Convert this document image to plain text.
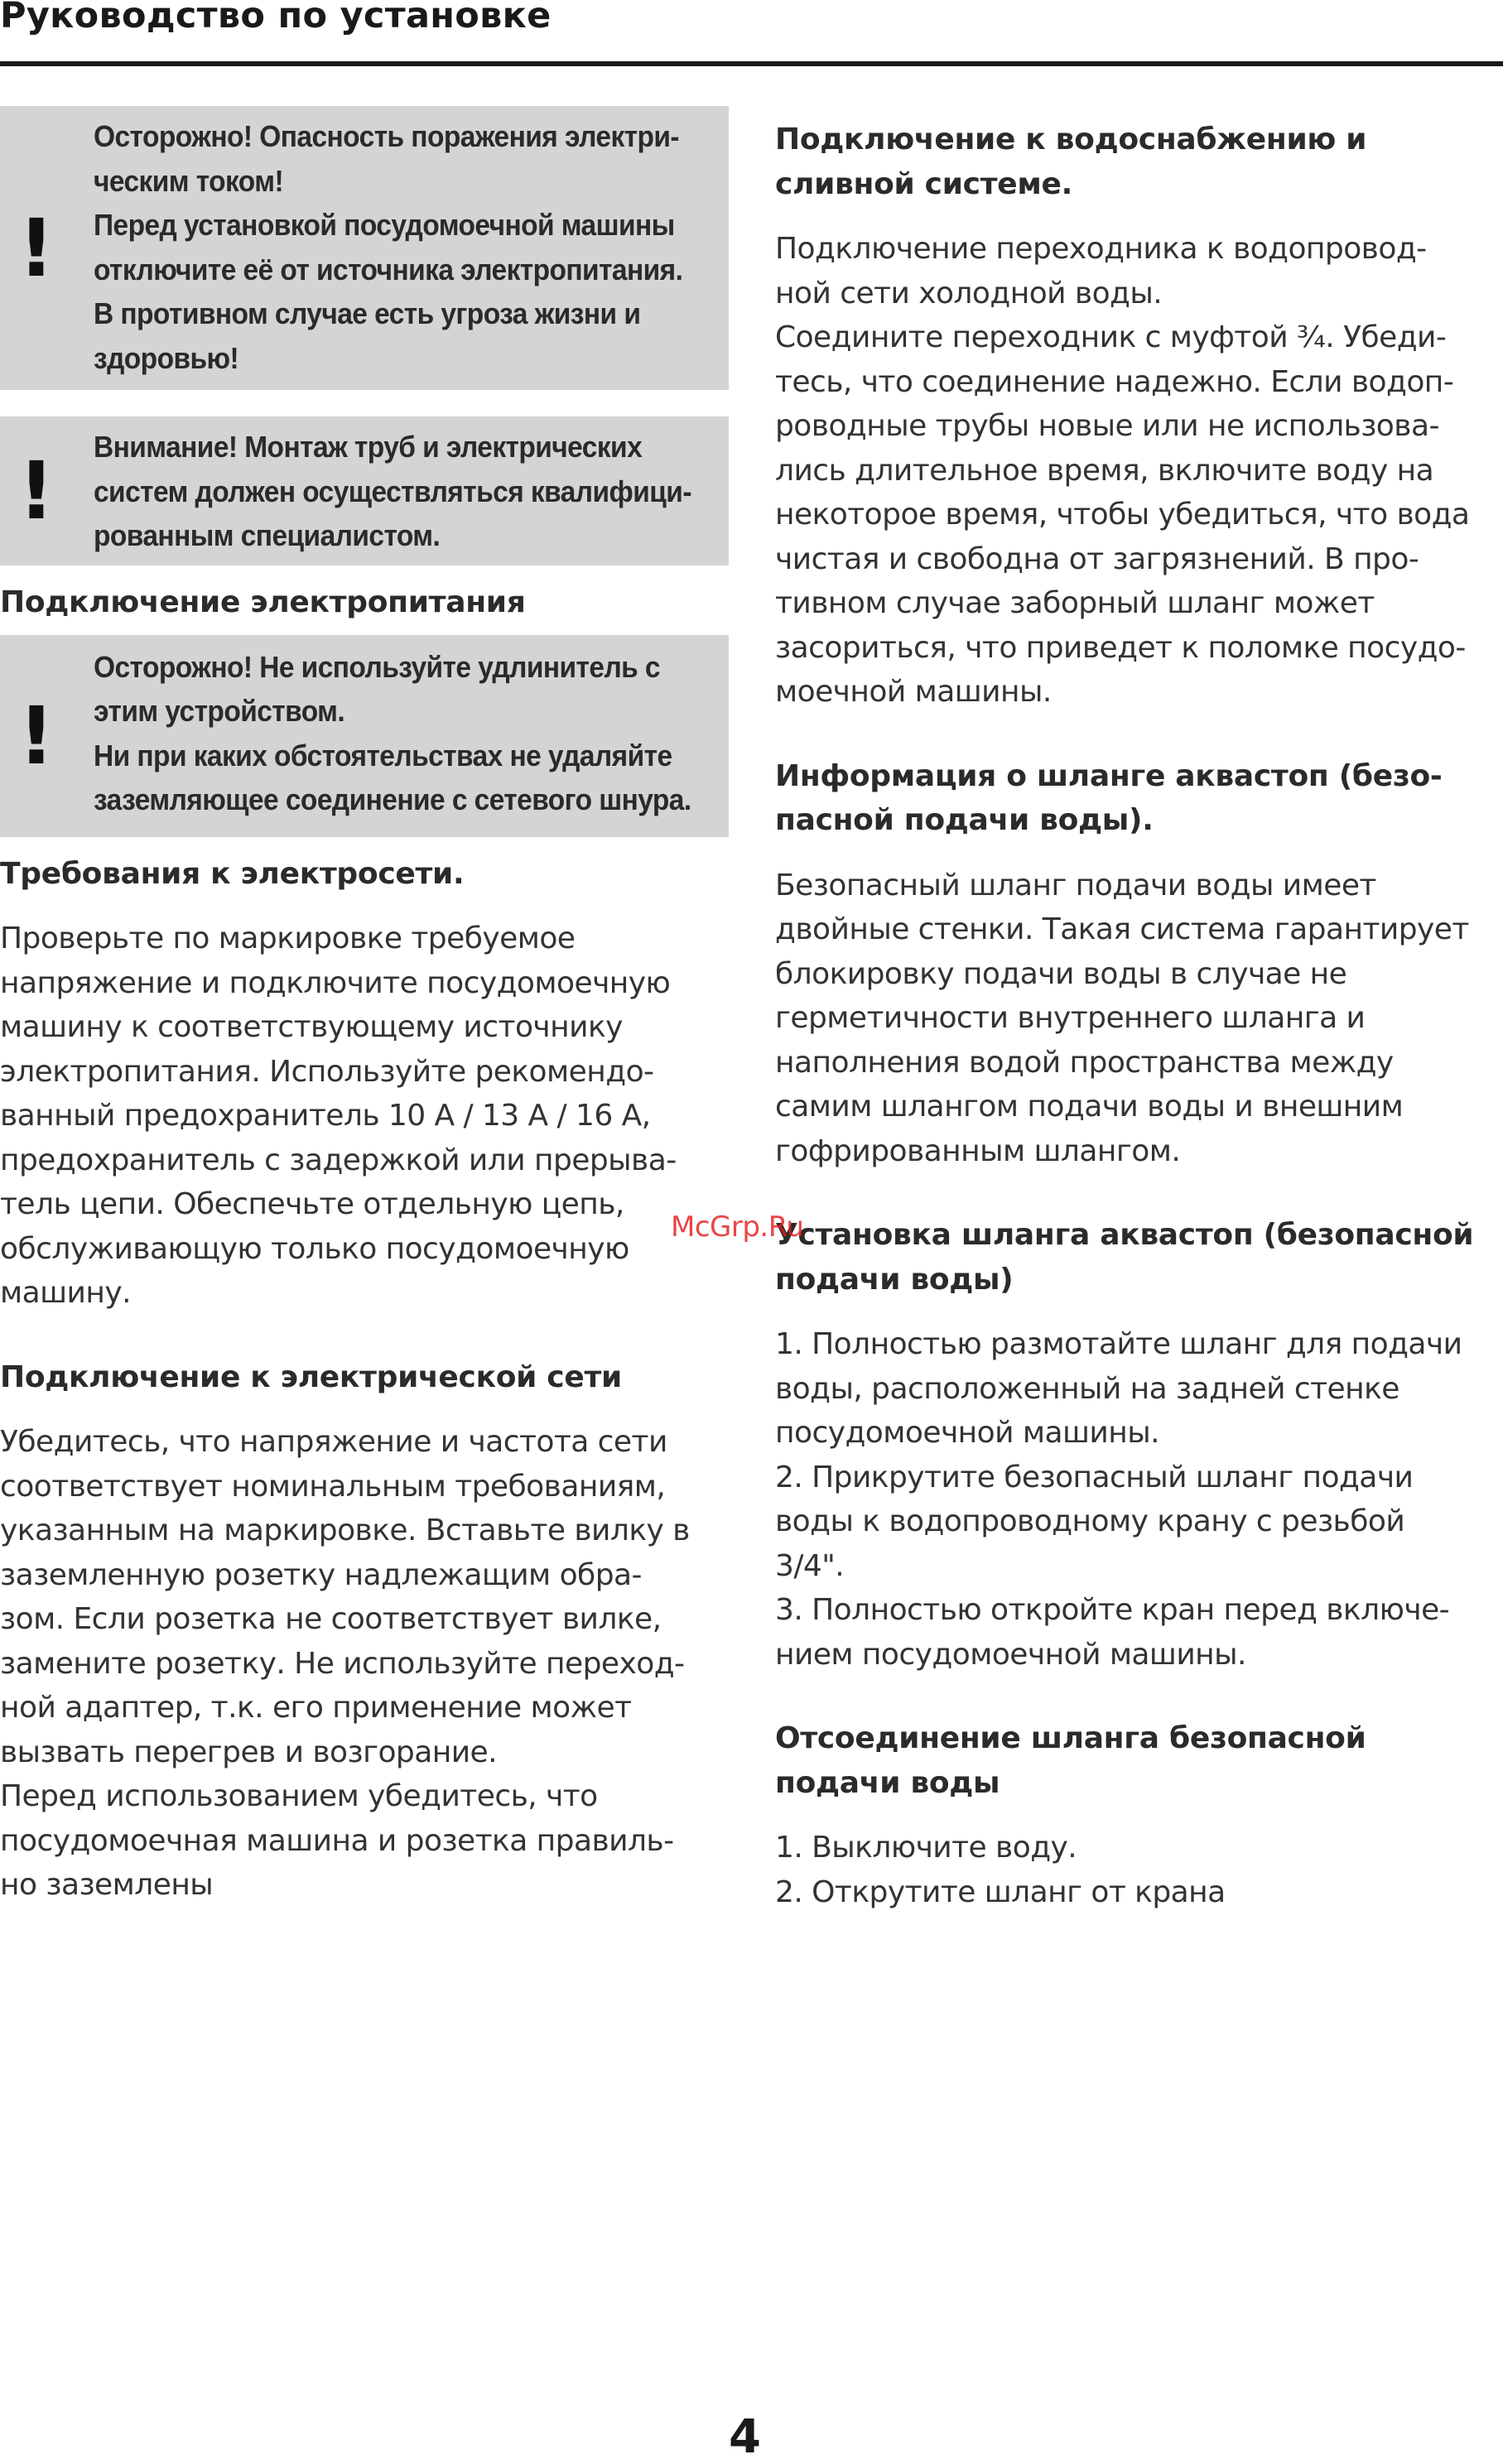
Руководство по установке
!

Осторожно! Опасность поражения электри-

ческим током!

Перед установкой посудомоечной машины

отключите её от источника электропитания.

В противном случае есть угроза жизни и

здоровью!

! Внимание! Монтаж труб и электрических

систем должен осуществляться квалифици-

рованным специалистом.

Подключение электропитания
!

Осторожно! Не используйте удлинитель с

этим устройством.

Ни при каких обстоятельствах не удаляйте

заземляющее соединение с сетевого шнура.

Требования к электросети.
Проверьте по маркировке требуемое
напряжение и подключите посудомоечную
машину к соответствующему источнику
электропитания. Используйте рекомендо-
ванный предохранитель 10 A / 13 A / 16 A,
предохранитель с задержкой или прерыва-
тель цепи. Обеспечьте отдельную цепь,
обслуживающую только посудомоечную
машину.
Подключение к электрической сети
Убедитесь, что напряжение и частота сети
соответствует номинальным требованиям,
указанным на маркировке. Вставьте вилку в
заземленную розетку надлежащим обра-
зом. Если розетка не соответствует вилке,
замените розетку. Не используйте переход-
ной адаптер, т.к. его применение может
вызвать перегрев и возгорание.
Перед использованием убедитесь, что
посудомоечная машина и розетка правиль-
но заземлены
Подключение к водоснабжению и
сливной системе.
Подключение переходника к водопровод-
ной сети холодной воды.
Соедините переходник с муфтой ¾. Убеди-
тесь, что соединение надежно. Если водоп-
роводные трубы новые или не использова-
лись длительное время, включите воду на
некоторое время, чтобы убедиться, что вода
чистая и свободна от загрязнений. В про-
тивном случае заборный шланг может
засориться, что приведет к поломке посудо-
моечной машины.
Информация о шланге аквастоп (безо-
пасной подачи воды).
Безопасный шланг подачи воды имеет
двойные стенки. Такая система гарантирует
блокировку подачи воды в случае не
герметичности внутреннего шланга и
наполнения водой пространства между
самим шлангом подачи воды и внешним
гофрированным шлангом.
Установка шланга аквастоп (безопасной
подачи воды)
1. Полностью размотайте шланг для подачи
воды, расположенный на задней стенке
посудомоечной машины.
2. Прикрутите безопасный шланг подачи
воды к водопроводному крану с резьбой
3/4".
3. Полностью откройте кран перед включе-
нием посудомоечной машины.
Отсоединение шланга безопасной
подачи воды
1. Выключите воду.
2. Открутите шланг от крана
McGrp.Ru
4
